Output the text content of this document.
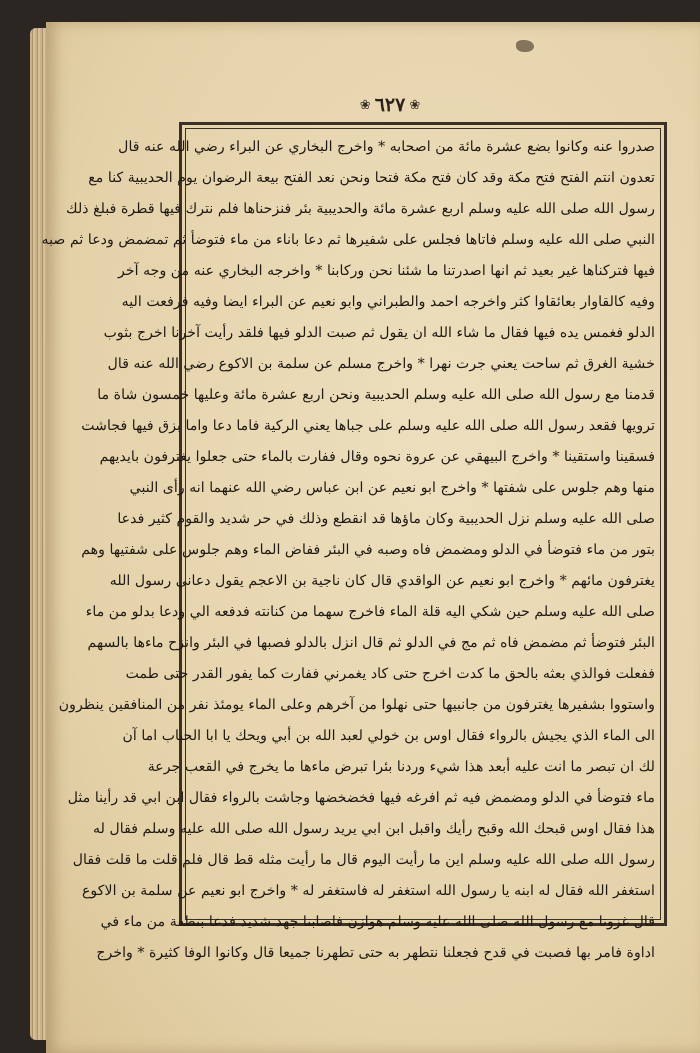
❀ ٦٢٧ ❀
صدروا عنه وكانوا بضع عشرة مائة من اصحابه * واخرج البخاري عن البراء رضي الله عنه قال
تعدون انتم الفتح فتح مكة وقد كان فتح مكة فتحا ونحن نعد الفتح بيعة الرضوان يوم الحديبية كنا مع
رسول الله صلى الله عليه وسلم اربع عشرة مائة والحديبية بئر فنزحناها فلم نترك فيها قطرة فبلغ ذلك
النبي صلى الله عليه وسلم فاتاها فجلس على شفيرها ثم دعا باناء من ماء فتوضأ ثم تمضمض ودعا ثم صبه
فيها فتركناها غير بعيد ثم انها اصدرتنا ما شئنا نحن وركابنا * واخرجه البخاري عنه من وجه آخر
وفيه كالقاوار بعائقاوا كثر واخرجه احمد والطبراني وابو نعيم عن البراء ايضا وفيه فرفعت اليه
الدلو فغمس يده فيها فقال ما شاء الله ان يقول ثم صبت الدلو فيها فلقد رأيت آخرنا اخرج بثوب
خشية الغرق ثم ساحت يعني جرت نهرا * واخرج مسلم عن سلمة بن الاكوع رضي الله عنه قال
قدمنا مع رسول الله صلى الله عليه وسلم الحديبية ونحن اربع عشرة مائة وعليها خمسون شاة ما
ترويها فقعد رسول الله صلى الله عليه وسلم على جباها يعني الركية فاما دعا واما بزق فيها فجاشت
فسقينا واستقينا * واخرج البيهقي عن عروة نحوه وقال ففارت بالماء حتى جعلوا يغترفون بايديهم
منها وهم جلوس على شفتها * واخرج ابو نعيم عن ابن عباس رضي الله عنهما انه رأى النبي
صلى الله عليه وسلم نزل الحديبية وكان ماؤها قد انقطع وذلك في حر شديد والقوم كثير فدعا
بتور من ماء فتوضأ في الدلو ومضمض فاه وصبه في البئر ففاض الماء وهم جلوس على شفتيها وهم
يغترفون مائهم * واخرج ابو نعيم عن الواقدي قال كان ناجية بن الاعجم يقول دعاني رسول الله
صلى الله عليه وسلم حين شكي اليه قلة الماء فاخرج سهما من كنانته فدفعه الي ودعا بدلو من ماء
البئر فتوضأ ثم مضمض فاه ثم مج في الدلو ثم قال انزل بالدلو فصبها في البئر وانزح ماءها بالسهم
ففعلت فوالذي بعثه بالحق ما كدت اخرج حتى كاد يغمرني ففارت كما يفور القدر حتى طمت
واستووا بشفيرها يغترفون من جانبيها حتى نهلوا من آخرهم وعلى الماء يومئذ نفر من المنافقين ينظرون
الى الماء الذي يجيش بالرواء فقال اوس بن خولي لعبد الله بن أبي ويحك يا ابا الحباب اما آن
لك ان تبصر ما انت عليه أبعد هذا شيء وردنا بئرا تبرض ماءها ما يخرج في القعب جرعة
ماء فتوضأ في الدلو ومضمض فيه ثم افرغه فيها فخضخضها وجاشت بالرواء فقال ابن ابي قد رأينا مثل
هذا فقال اوس قبحك الله وقبح رأيك واقبل ابن ابي يريد رسول الله صلى الله عليه وسلم فقال له
رسول الله صلى الله عليه وسلم اين ما رأيت اليوم قال ما رأيت مثله قط قال فلم قلت ما قلت فقال
استغفر الله فقال له ابنه يا رسول الله استغفر له فاستغفر له * واخرج ابو نعيم عن سلمة بن الاكوع
قال غزونا مع رسول الله صلى الله عليه وسلم هوازن فاصابنا جهد شديد فدعا بنطفة من ماء في
اداوة فامر بها فصبت في قدح فجعلنا نتطهر به حتى تطهرنا جميعا قال وكانوا الوفا كثيرة * واخرج
